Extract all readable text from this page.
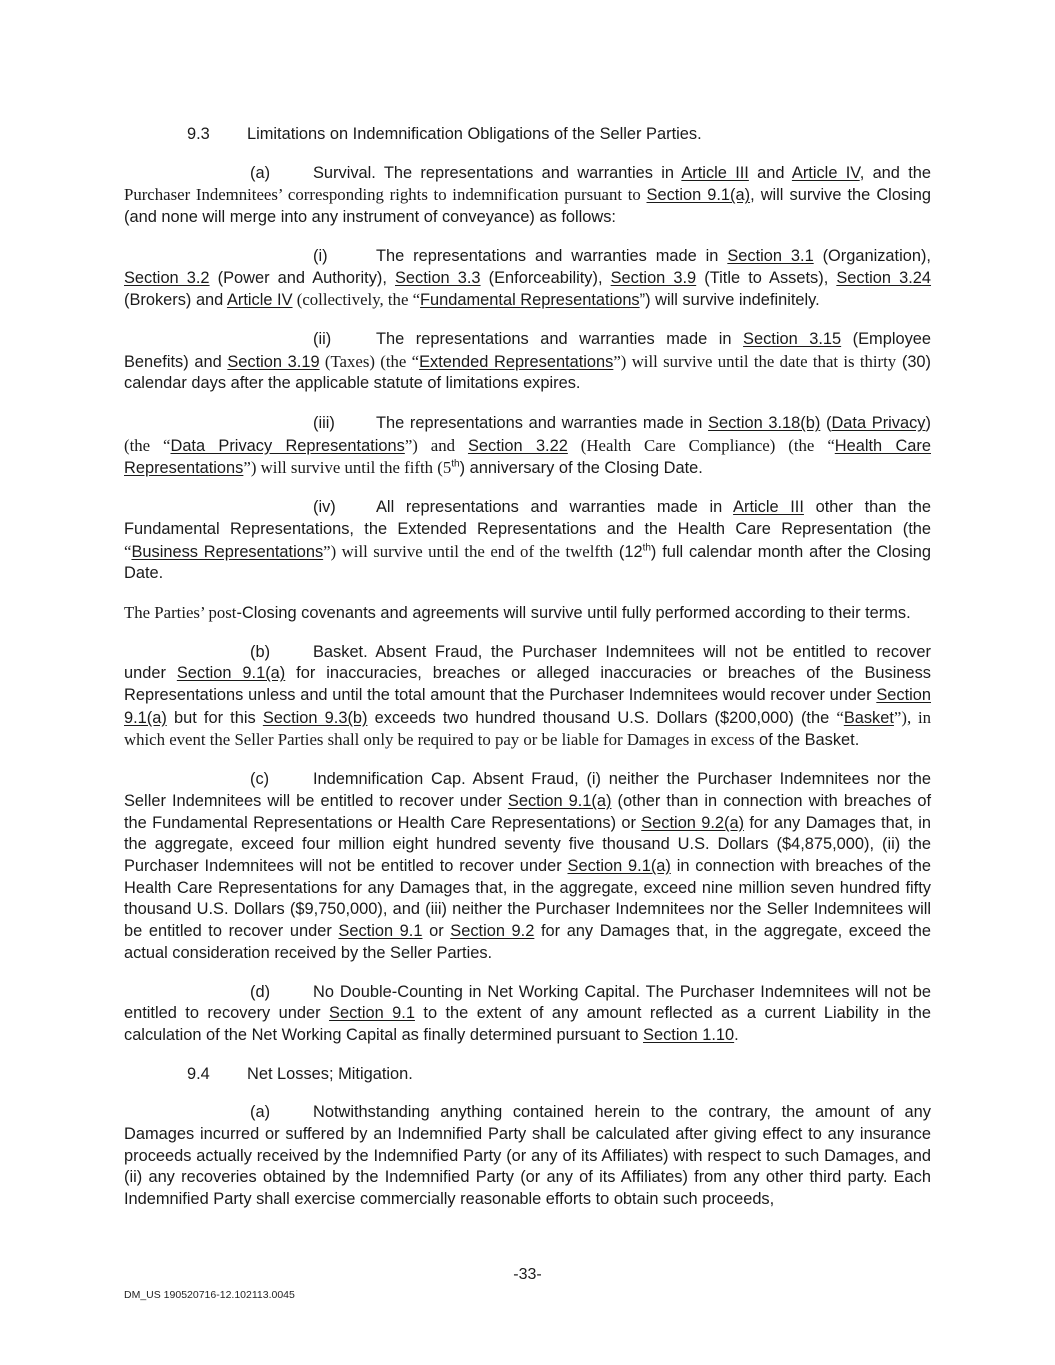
9.3 Limitations on Indemnification Obligations of the Seller Parties.

(a)	Survival. The representations and warranties in Article III and Article IV, and the Purchaser Indemnitees’ corresponding rights to indemnification pursuant to Section 9.1(a), will survive the Closing (and none will merge into any instrument of conveyance) as follows:

(i)	The representations and warranties made in Section 3.1 (Organization), Section 3.2 (Power and Authority), Section 3.3 (Enforceability), Section 3.9 (Title to Assets), Section 3.24 (Brokers) and Article IV (collectively, the “Fundamental Representations”) will survive indefinitely.

(ii)	The representations and warranties made in Section 3.15 (Employee Benefits) and Section 3.19 (Taxes) (the “Extended Representations”) will survive until the date that is thirty (30) calendar days after the applicable statute of limitations expires.

(iii)	The representations and warranties made in Section 3.18(b) (Data Privacy) (the “Data Privacy Representations”) and Section 3.22 (Health Care Compliance) (the “Health Care Representations”) will survive until the fifth (5th) anniversary of the Closing Date.

(iv) All representations and warranties made in Article III other than the Fundamental Representations, the Extended Representations and the Health Care Representation (the “Business Representations”) will survive until the end of the twelfth (12th) full calendar month after the Closing Date.

The Parties’ post-Closing covenants and agreements will survive until fully performed according to their terms.

(b)	Basket. Absent Fraud, the Purchaser Indemnitees will not be entitled to recover under Section 9.1(a) for inaccuracies, breaches or alleged inaccuracies or breaches of the Business Representations unless and until the total amount that the Purchaser Indemnitees would recover under Section 9.1(a) but for this Section 9.3(b) exceeds two hundred thousand U.S. Dollars ($200,000) (the “Basket”), in which event the Seller Parties shall only be required to pay or be liable for Damages in excess of the Basket.

(c)	Indemnification Cap. Absent Fraud, (i) neither the Purchaser Indemnitees nor the Seller Indemnitees will be entitled to recover under Section 9.1(a) (other than in connection with breaches of the Fundamental Representations or Health Care Representations) or Section 9.2(a) for any Damages that, in the aggregate, exceed four million eight hundred seventy five thousand U.S. Dollars ($4,875,000), (ii) the Purchaser Indemnitees will not be entitled to recover under Section 9.1(a) in connection with breaches of the Health Care Representations for any Damages that, in the aggregate, exceed nine million seven hundred fifty thousand U.S. Dollars ($9,750,000), and (iii) neither the Purchaser Indemnitees nor the Seller Indemnitees will be entitled to recover under Section 9.1 or Section 9.2 for any Damages that, in the aggregate, exceed the actual consideration received by the Seller Parties.

(d)	No Double-Counting in Net Working Capital. The Purchaser Indemnitees will not be entitled to recovery under Section 9.1 to the extent of any amount reflected as a current Liability in the calculation of the Net Working Capital as finally determined pursuant to Section 1.10.

9.4 Net Losses; Mitigation.

(a)	Notwithstanding anything contained herein to the contrary, the amount of any Damages incurred or suffered by an Indemnified Party shall be calculated after giving effect to any insurance proceeds actually received by the Indemnified Party (or any of its Affiliates) with respect to such Damages, and (ii) any recoveries obtained by the Indemnified Party (or any of its Affiliates) from any other third party. Each Indemnified Party shall exercise commercially reasonable efforts to obtain such proceeds,

-33-
DM_US 190520716-12.102113.0045
